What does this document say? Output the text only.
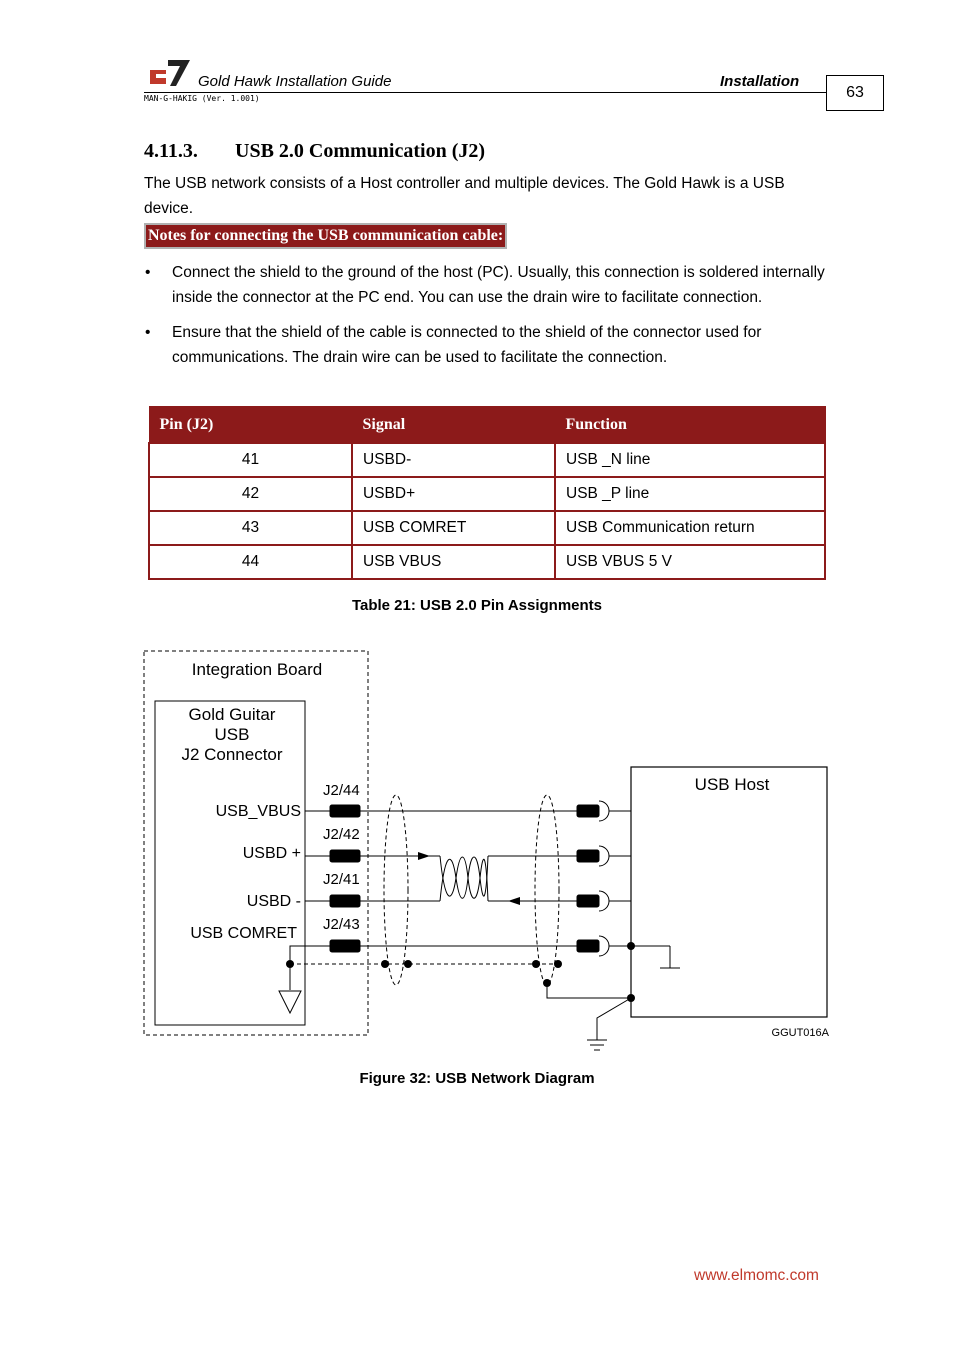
Gold Hawk Installation Guide	Installation
MAN-G-HAKIG (Ver. 1.001)	63
4.11.3. USB 2.0 Communication (J2)
The USB network consists of a Host controller and multiple devices. The Gold Hawk is a USB device.
Notes for connecting the USB communication cable:
• Connect the shield to the ground of the host (PC). Usually, this connection is soldered internally inside the connector at the PC end. You can use the drain wire to facilitate connection.
• Ensure that the shield of the cable is connected to the shield of the connector used for communications. The drain wire can be used to facilitate the connection.
Pin (J2)	Signal	Function
41	USBD-	USB _N line
42	USBD+	USB _P line
43	USB COMRET	USB Communication return
44	USB VBUS	USB VBUS 5 V
Table 21: USB 2.0 Pin Assignments
Integration Board
Gold Guitar
USB
J2 Connector
USB_VBUS
USBD +
USBD -
USB COMRET
J2/44
J2/42
J2/41
J2/43
USB Host
GGUT016A
Figure 32: USB Network Diagram
www.elmomc.com
